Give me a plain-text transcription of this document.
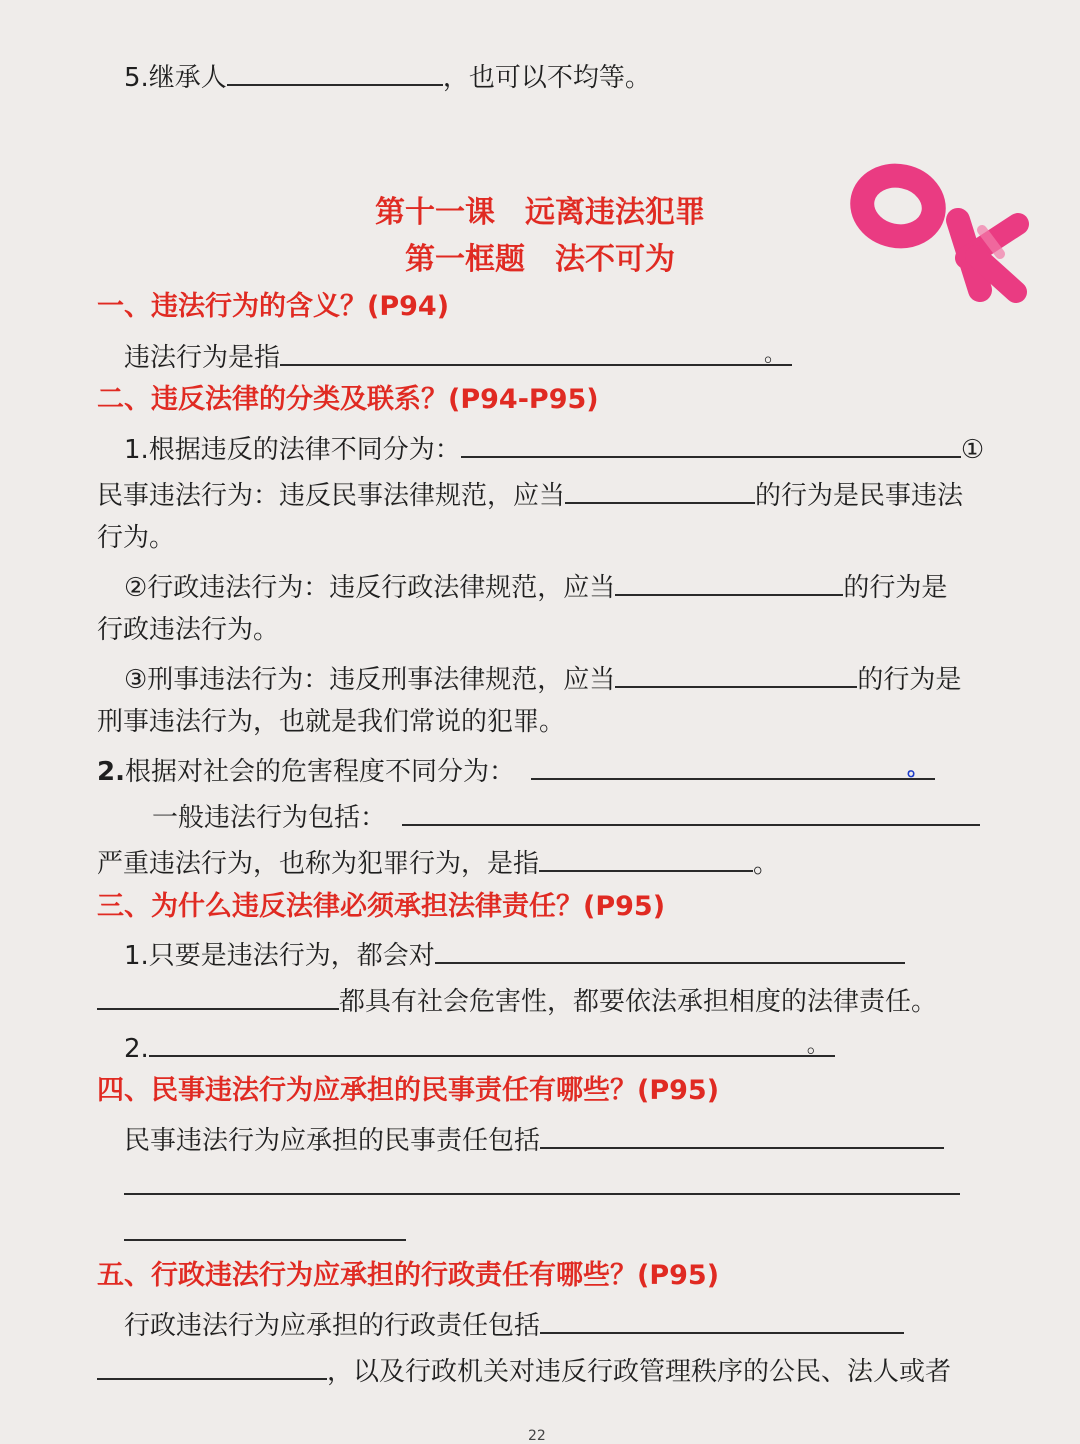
5.继承人	，也可以不均等。
第十一课　远离违法犯罪
第一框题　法不可为
一、违法行为的含义？(P94)
违法行为是指	。
二、违反法律的分类及联系？(P94-P95)
1.根据违反的法律不同分为：	①
民事违法行为：违反民事法律规范，应当	的行为是民事违法
行为。
②行政违法行为：违反行政法律规范，应当	的行为是
行政违法行为。
③刑事违法行为：违反刑事法律规范，应当	的行为是
刑事违法行为，也就是我们常说的犯罪。
2.根据对社会的危害程度不同分为：	。
一般违法行为包括：
严重违法行为，也称为犯罪行为，是指	。
三、为什么违反法律必须承担法律责任？(P95)
1.只要是违法行为，都会对
都具有社会危害性，都要依法承担相度的法律责任。
2.	。
四、民事违法行为应承担的民事责任有哪些？(P95)
民事违法行为应承担的民事责任包括
五、行政违法行为应承担的行政责任有哪些？(P95)
行政违法行为应承担的行政责任包括
，以及行政机关对违反行政管理秩序的公民、法人或者
22
